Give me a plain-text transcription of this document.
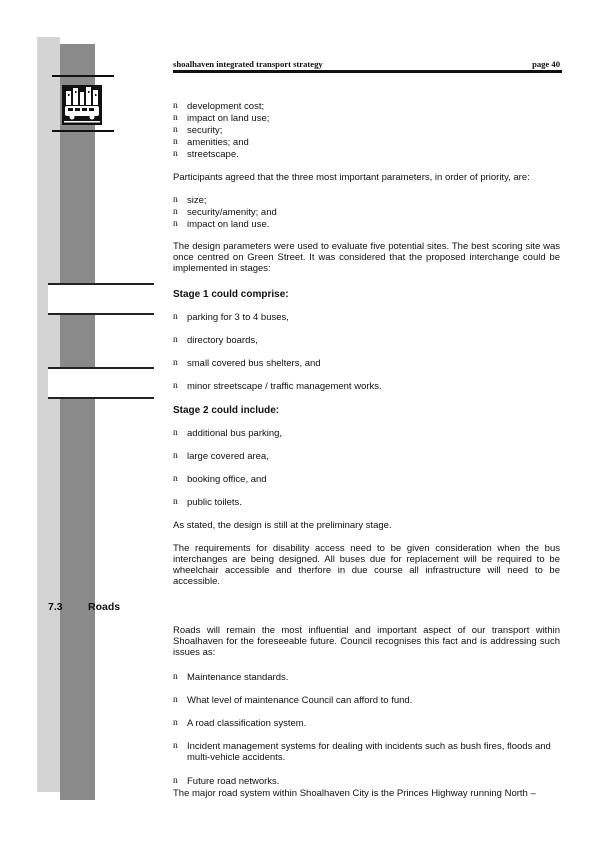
shoalhaven integrated transport strategy	page 40
n development cost;
n impact on land use;
n security;
n amenities; and
n streetscape.

Participants agreed that the three most important parameters, in order of priority, are:

n size;
n security/amenity; and
n impact on land use.

The design parameters were used to evaluate five potential sites. The best scoring site was once centred on Green Street. It was considered that the proposed interchange could be implemented in stages:

Stage 1 could comprise:

n parking for 3 to 4 buses,
n directory boards,
n small covered bus shelters, and
n minor streetscape / traffic management works.

Stage 2 could include:

n additional bus parking,
n large covered area,
n booking office, and
n public toilets.

As stated, the design is still at the preliminary stage.

The requirements for disability access need to be given consideration when the bus interchanges are being designed. All buses due for replacement will be required to be wheelchair accessible and therfore in due course all infrastructure will need to be accessible.

7.3 Roads

Roads will remain the most influential and important aspect of our transport within Shoalhaven for the foreseeable future. Council recognises this fact and is addressing such issues as:

n Maintenance standards.
n What level of maintenance Council can afford to fund.
n A road classification system.
n Incident management systems for dealing with incidents such as bush fires, floods and multi-vehicle accidents.
n Future road networks.

The major road system within Shoalhaven City is the Princes Highway running North –
